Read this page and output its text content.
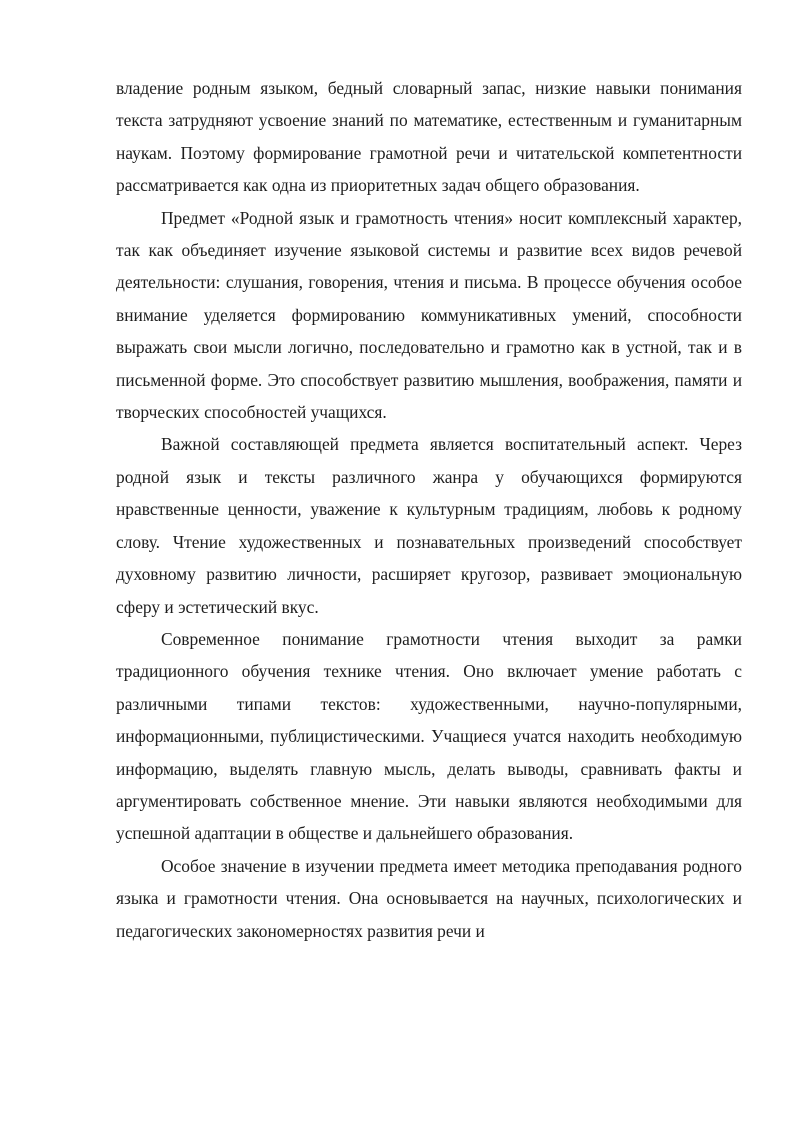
владение родным языком, бедный словарный запас, низкие навыки понимания текста затрудняют усвоение знаний по математике, естественным и гуманитарным наукам. Поэтому формирование грамотной речи и читательской компетентности рассматривается как одна из приоритетных задач общего образования.

Предмет «Родной язык и грамотность чтения» носит комплексный характер, так как объединяет изучение языковой системы и развитие всех видов речевой деятельности: слушания, говорения, чтения и письма. В процессе обучения особое внимание уделяется формированию коммуникативных умений, способности выражать свои мысли логично, последовательно и грамотно как в устной, так и в письменной форме. Это способствует развитию мышления, воображения, памяти и творческих способностей учащихся.

Важной составляющей предмета является воспитательный аспект. Через родной язык и тексты различного жанра у обучающихся формируются нравственные ценности, уважение к культурным традициям, любовь к родному слову. Чтение художественных и познавательных произведений способствует духовному развитию личности, расширяет кругозор, развивает эмоциональную сферу и эстетический вкус.

Современное понимание грамотности чтения выходит за рамки традиционного обучения технике чтения. Оно включает умение работать с различными типами текстов: художественными, научно-популярными, информационными, публицистическими. Учащиеся учатся находить необходимую информацию, выделять главную мысль, делать выводы, сравнивать факты и аргументировать собственное мнение. Эти навыки являются необходимыми для успешной адаптации в обществе и дальнейшего образования.

Особое значение в изучении предмета имеет методика преподавания родного языка и грамотности чтения. Она основывается на научных, психологических и педагогических закономерностях развития речи и
